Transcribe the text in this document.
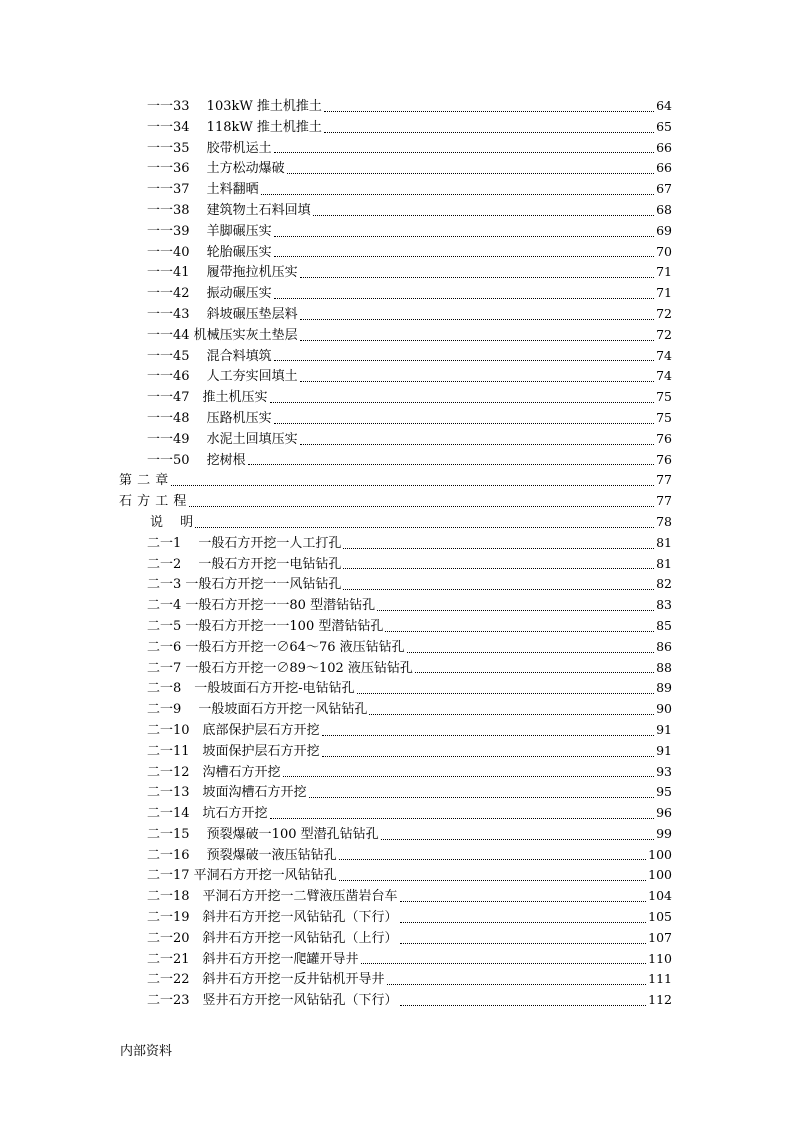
一一33　 103kW 推土机推土	64
一一34　 118kW 推土机推土	65
一一35　 胶带机运土	66
一一36　 土方松动爆破	66
一一37　 土料翻晒	67
一一38　 建筑物土石料回填	68
一一39　 羊脚碾压实	69
一一40　 轮胎碾压实	70
一一41　 履带拖拉机压实	71
一一42　 振动碾压实	71
一一43　 斜坡碾压垫层料	72
一一44 机械压实灰土垫层	72
一一45　 混合料填筑	74
一一46　 人工夯实回填土	74
一一47　推土机压实	75
一一48　 压路机压实	75
一一49　 水泥土回填压实	76
一一50　 挖树根	76
第 二 章	77
石 方 工 程	77
说　 明	78
二一1　 一般石方开挖一人工打孔	81
二一2　 一般石方开挖一电钻钻孔	81
二一3 一般石方开挖一一风钻钻孔	82
二一4 一般石方开挖一一80 型潜钻钻孔	83
二一5 一般石方开挖一一100 型潜钻钻孔	85
二一6 一般石方开挖一∅64～76 液压钻钻孔	86
二一7 一般石方开挖一∅89～102 液压钻钻孔	88
二一8　一般坡面石方开挖-电钻钻孔	89
二一9　 一般坡面石方开挖一风钻钻孔	90
二一10　底部保护层石方开挖	91
二一11　坡面保护层石方开挖	91
二一12　沟槽石方开挖	93
二一13　坡面沟槽石方开挖	95
二一14　坑石方开挖	96
二一15　 预裂爆破一100 型潜孔钻钻孔	99
二一16　 预裂爆破一液压钻钻孔	100
二一17 平洞石方开挖一风钻钻孔	100
二一18　平洞石方开挖一二臂液压凿岩台车	104
二一19　斜井石方开挖一风钻钻孔（下行）	105
二一20　斜井石方开挖一风钻钻孔（上行）	107
二一21　斜井石方开挖一爬罐开导井	110
二一22　斜井石方开挖一反井钻机开导井	111
二一23　竖井石方开挖一风钻钻孔（下行）	112
内部资料
